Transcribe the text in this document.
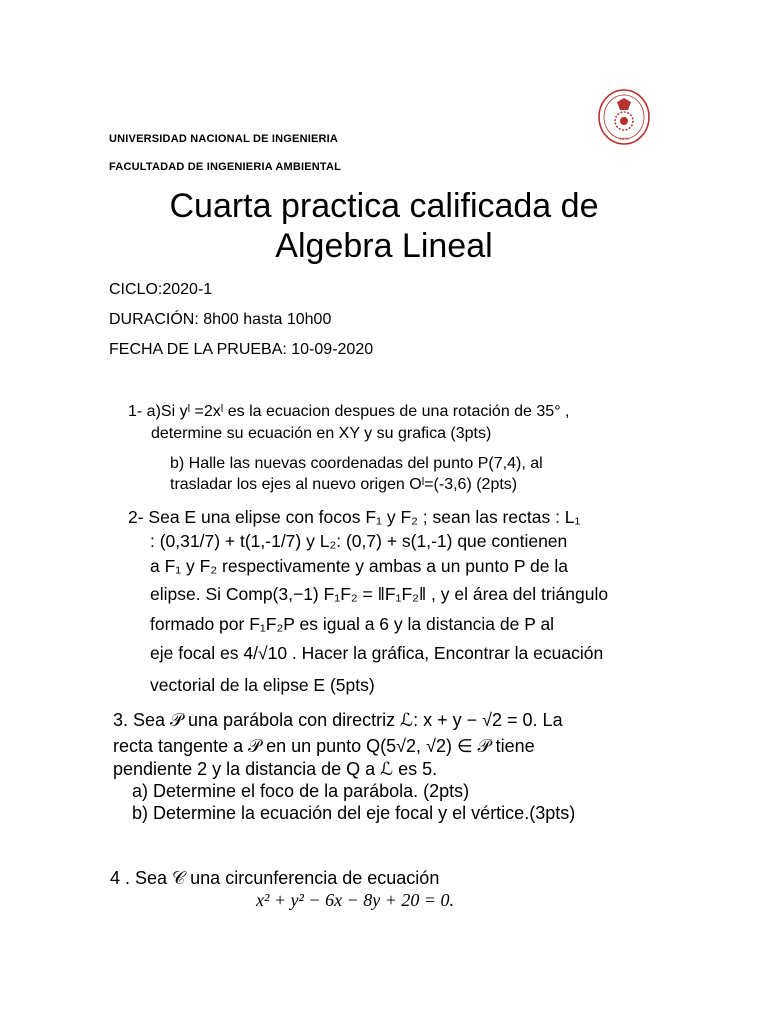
1876
UNIVERSIDAD NACIONAL DE INGENIERIA
FACULTADAD DE INGENIERIA AMBIENTAL
Cuarta practica calificada de
Algebra Lineal
CICLO:2020-1
DURACIÓN: 8h00 hasta 10h00
FECHA DE LA PRUEBA: 10-09-2020
1- a)Si yˡ =2xˡ es la ecuacion despues de una rotación de 35° ,
determine su ecuación en XY y su grafica (3pts)
b) Halle las nuevas coordenadas del punto P(7,4), al
trasladar los ejes al nuevo origen Oˡ=(-3,6) (2pts)
2- Sea E una elipse con focos F₁ y F₂ ; sean las rectas : L₁
: (0,31/7) + t(1,-1/7) y L₂: (0,7) + s(1,-1) que contienen
a F₁ y F₂ respectivamente y ambas a un punto P de la
elipse. Si Comp(3,−1) F₁F₂ = ‖F₁F₂‖ , y el área del triángulo
formado por F₁F₂P es igual a 6 y la distancia de P al
eje focal es 4/√10 . Hacer la gráfica, Encontrar la ecuación
vectorial de la elipse E (5pts)
3. Sea 𝒫 una parábola con directriz ℒ: x + y − √2 = 0. La
recta tangente a 𝒫 en un punto Q(5√2, √2) ∈ 𝒫 tiene
pendiente 2 y la distancia de Q a ℒ es 5.
a) Determine el foco de la parábola. (2pts)
b) Determine la ecuación del eje focal y el vértice.(3pts)
4 . Sea 𝒞 una circunferencia de ecuación
x² + y² − 6x − 8y + 20 = 0.
